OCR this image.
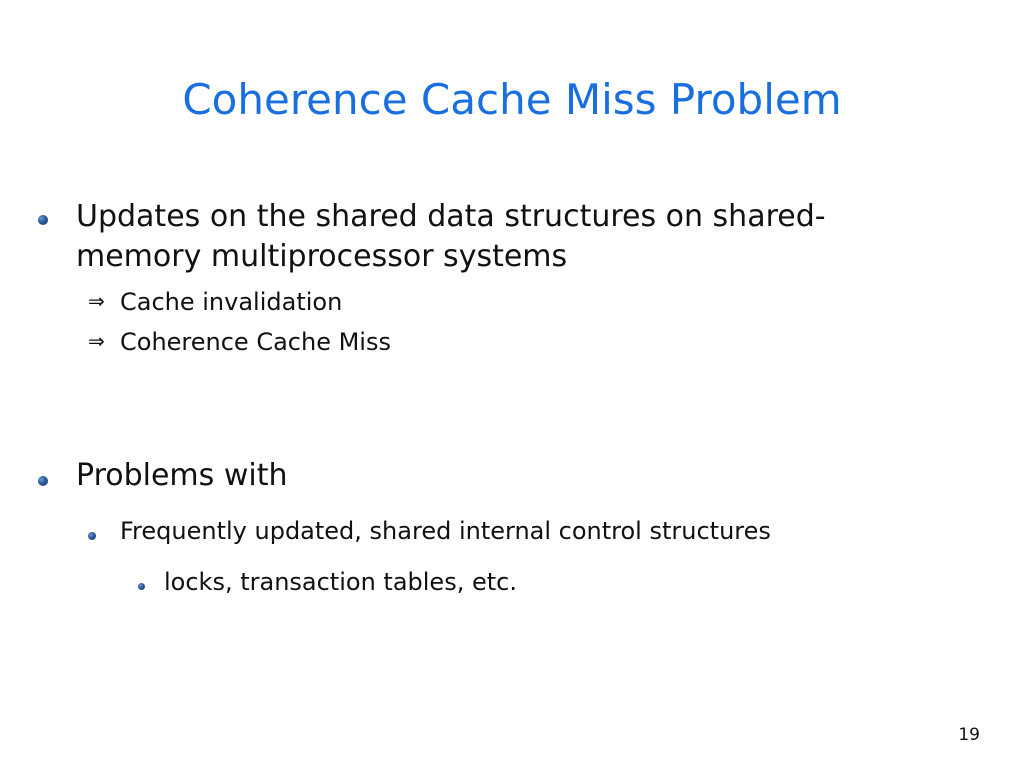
Coherence Cache Miss Problem
Updates on the shared data structures on shared-
memory multiprocessor systems
⇒ Cache invalidation
⇒ Coherence Cache Miss
Problems with
Frequently updated, shared internal control structures
locks, transaction tables, etc.
19
